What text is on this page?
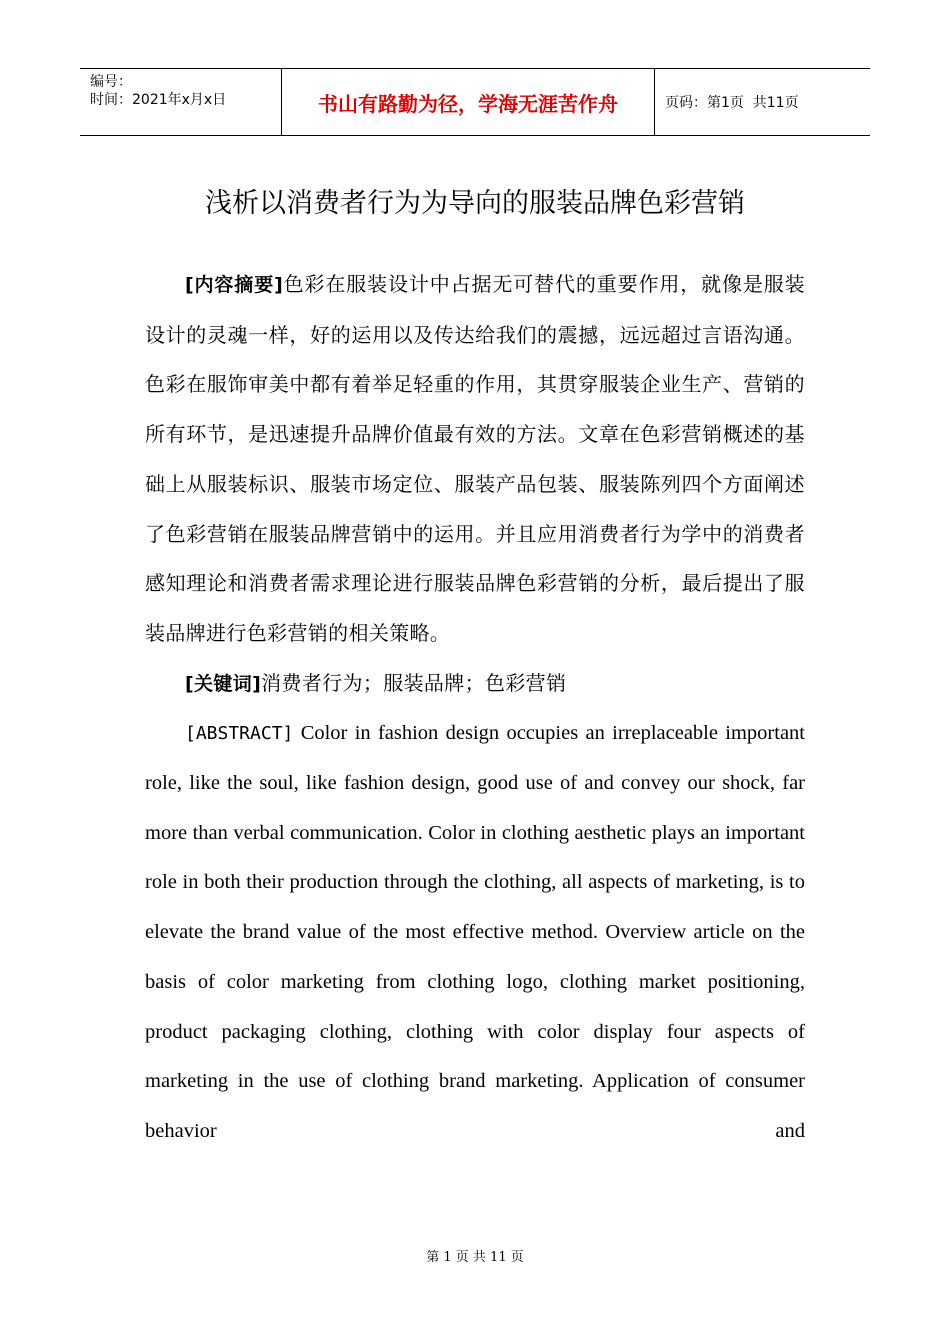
编号：
时间：2021年x月x日	书山有路勤为径，学海无涯苦作舟	页码：第1页  共11页
浅析以消费者行为为导向的服装品牌色彩营销

[内容摘要]色彩在服装设计中占据无可替代的重要作用，就像是服装设计的灵魂一样，好的运用以及传达给我们的震撼，远远超过言语沟通。色彩在服饰审美中都有着举足轻重的作用，其贯穿服装企业生产、营销的所有环节，是迅速提升品牌价值最有效的方法。文章在色彩营销概述的基础上从服装标识、服装市场定位、服装产品包装、服装陈列四个方面阐述了色彩营销在服装品牌营销中的运用。并且应用消费者行为学中的消费者感知理论和消费者需求理论进行服装品牌色彩营销的分析，最后提出了服装品牌进行色彩营销的相关策略。

[关键词]消费者行为；服装品牌；色彩营销

[ABSTRACT] Color in fashion design occupies an irreplaceable important role, like the soul, like fashion design, good use of and convey our shock, far more than verbal communication. Color in clothing aesthetic plays an important role in both their production through the clothing, all aspects of marketing, is to elevate the brand value of the most effective method. Overview article on the basis of color marketing from clothing logo, clothing market positioning, product packaging clothing, clothing with color display four aspects of marketing in the use of clothing brand marketing. Application of consumer behavior and

第 1 页 共 11 页
